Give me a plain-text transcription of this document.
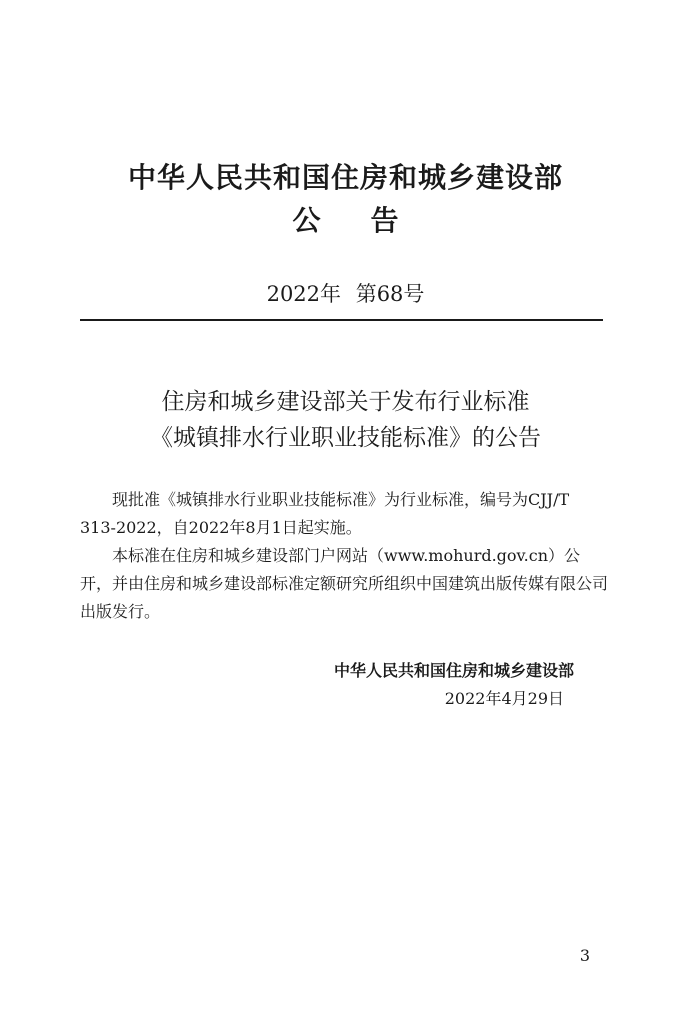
中华人民共和国住房和城乡建设部
公告
2022年 第68号
住房和城乡建设部关于发布行业标准
《城镇排水行业职业技能标准》的公告

现批准《城镇排水行业职业技能标准》为行业标准，编号为CJJ/T 313-2022，自2022年8月1日起实施。

本标准在住房和城乡建设部门户网站（www.mohurd.gov.cn）公开，并由住房和城乡建设部标准定额研究所组织中国建筑出版传媒有限公司出版发行。

中华人民共和国住房和城乡建设部
2022年4月29日
3
